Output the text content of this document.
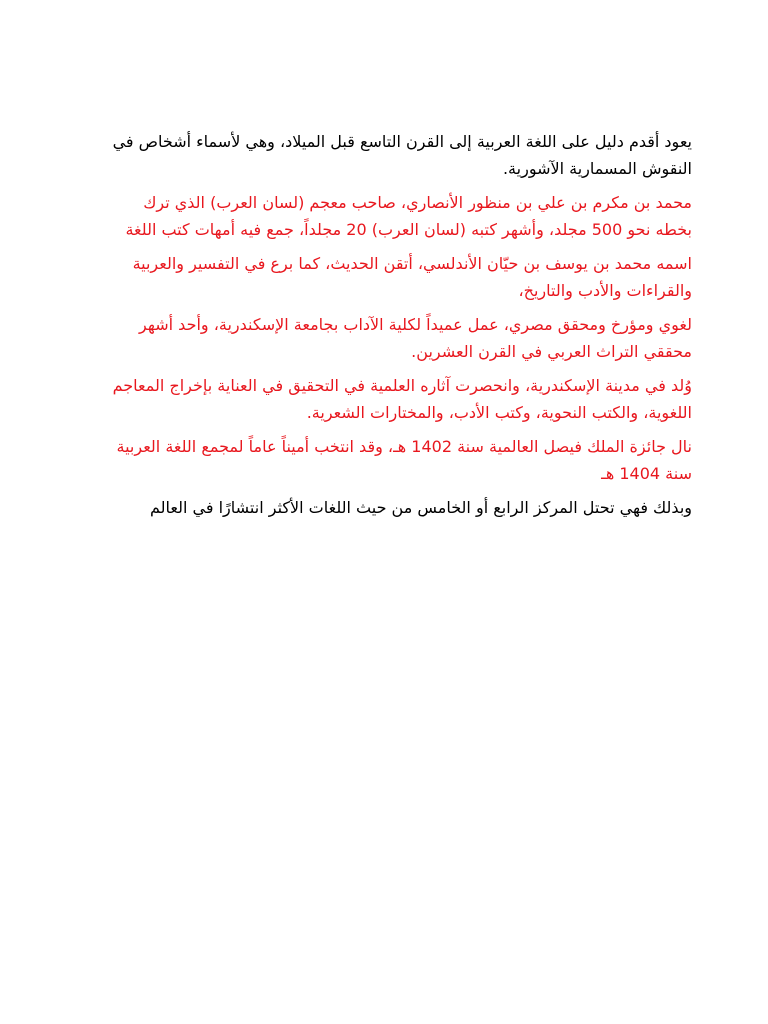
يعود أقدم دليل على اللغة العربية إلى القرن التاسع قبل الميلاد، وهي لأسماء أشخاص في النقوش المسمارية الآشورية.

محمد بن مكرم بن علي بن منظور الأنصاري، صاحب معجم (لسان العرب) الذي ترك بخطه نحو 500 مجلد، وأشهر كتبه (لسان العرب) 20 مجلداً، جمع فيه أمهات كتب اللغة

اسمه محمد بن يوسف بن حيّان الأندلسي، أتقن الحديث، كما برع في التفسير والعربية والقراءات والأدب والتاريخ،

لغوي ومؤرخ ومحقق مصري، عمل عميداً لكلية الآداب بجامعة الإسكندرية، وأحد أشهر محققي التراث العربي في القرن العشرين.

وُلد في مدينة الإسكندرية، وانحصرت آثاره العلمية في التحقيق في العناية بإخراج المعاجم اللغوية، والكتب النحوية، وكتب الأدب، والمختارات الشعرية.

نال جائزة الملك فيصل العالمية سنة 1402 هـ، وقد انتخب أميناً عاماً لمجمع اللغة العربية سنة 1404 هـ

وبذلك فهي تحتل المركز الرابع أو الخامس من حيث اللغات الأكثر انتشارًا في العالم
